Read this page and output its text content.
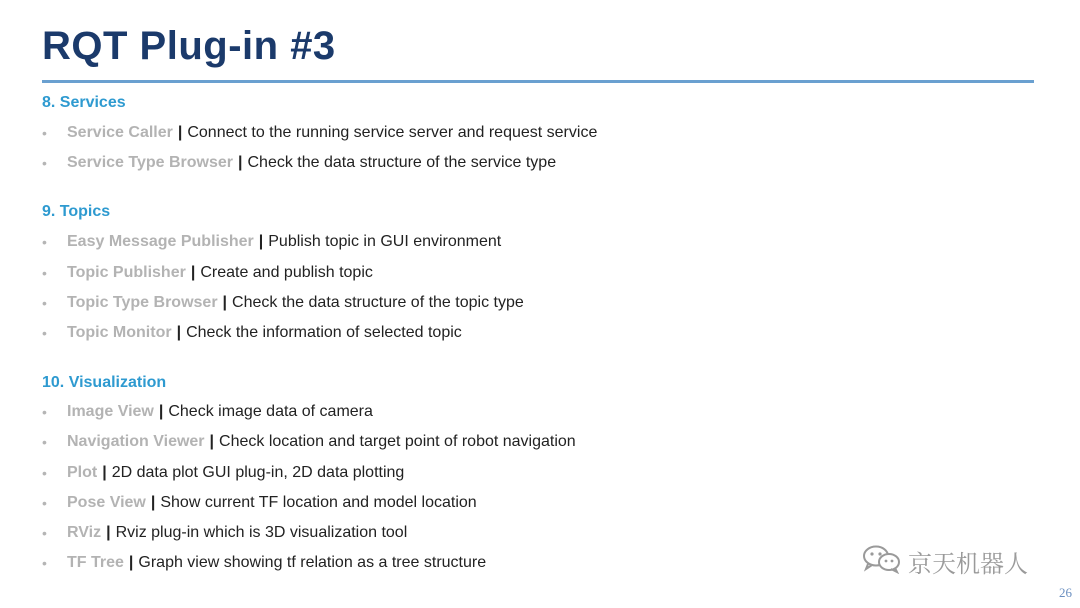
RQT Plug-in #3
8. Services
• Service Caller | Connect to the running service server and request service
• Service Type Browser | Check the data structure of the service type
9. Topics
• Easy Message Publisher | Publish topic in GUI environment
• Topic Publisher | Create and publish topic
• Topic Type Browser | Check the data structure of the topic type
• Topic Monitor | Check the information of selected topic
10. Visualization
• Image View | Check image data of camera
• Navigation Viewer | Check location and target point of robot navigation
• Plot | 2D data plot GUI plug-in, 2D data plotting
• Pose View | Show current TF location and model location
• RViz | Rviz plug-in which is 3D visualization tool
• TF Tree | Graph view showing tf relation as a tree structure	京天机器人
26
